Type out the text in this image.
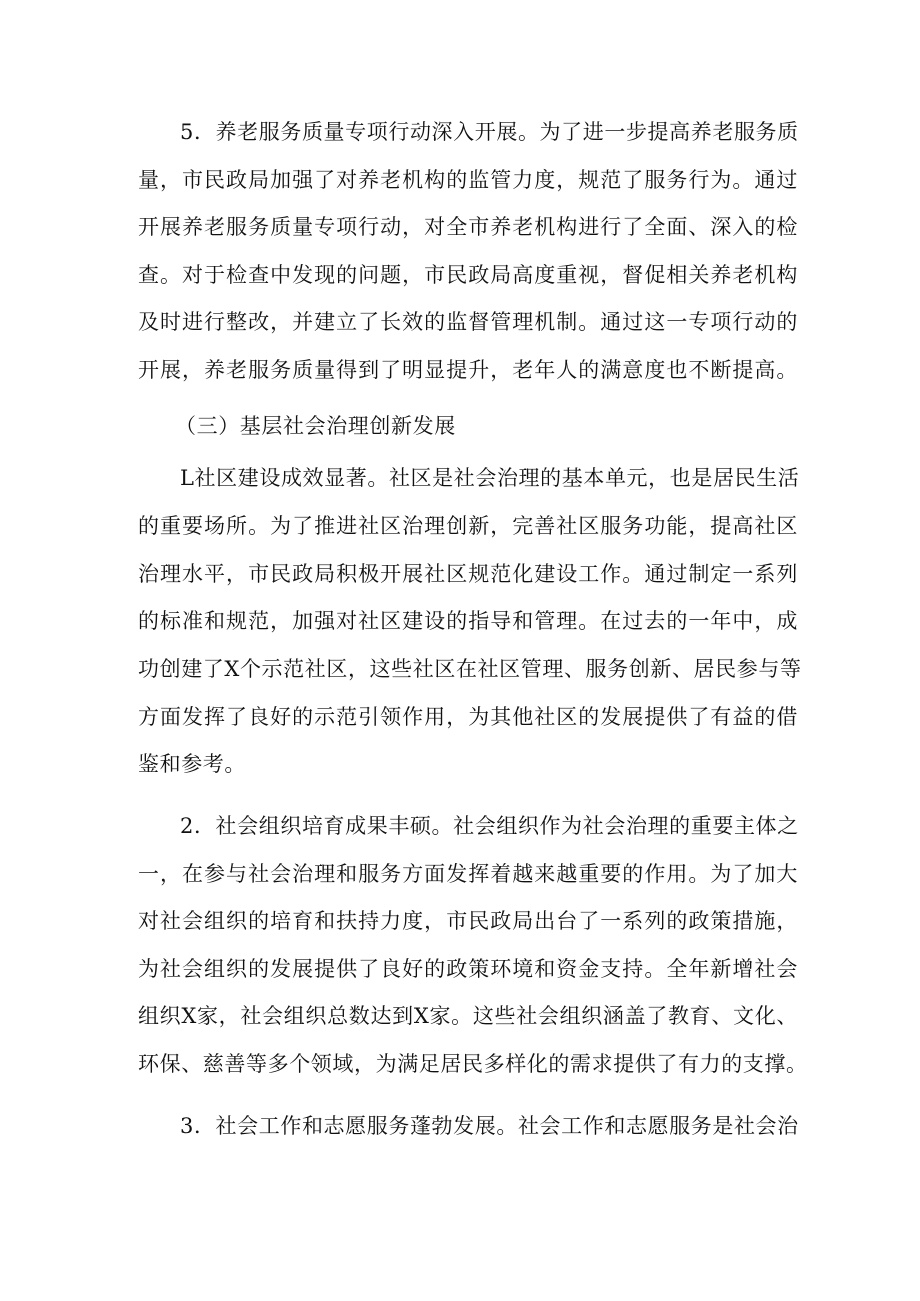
5．养老服务质量专项行动深入开展。为了进一步提高养老服务质
量，市民政局加强了对养老机构的监管力度，规范了服务行为。通过
开展养老服务质量专项行动，对全市养老机构进行了全面、深入的检
查。对于检查中发现的问题，市民政局高度重视，督促相关养老机构
及时进行整改，并建立了长效的监督管理机制。通过这一专项行动的
开展，养老服务质量得到了明显提升，老年人的满意度也不断提高。
（三）基层社会治理创新发展
L社区建设成效显著。社区是社会治理的基本单元，也是居民生活
的重要场所。为了推进社区治理创新，完善社区服务功能，提高社区
治理水平，市民政局积极开展社区规范化建设工作。通过制定一系列
的标准和规范，加强对社区建设的指导和管理。在过去的一年中，成
功创建了X个示范社区，这些社区在社区管理、服务创新、居民参与等
方面发挥了良好的示范引领作用，为其他社区的发展提供了有益的借
鉴和参考。
2．社会组织培育成果丰硕。社会组织作为社会治理的重要主体之
一，在参与社会治理和服务方面发挥着越来越重要的作用。为了加大
对社会组织的培育和扶持力度，市民政局出台了一系列的政策措施，
为社会组织的发展提供了良好的政策环境和资金支持。全年新增社会
组织X家，社会组织总数达到X家。这些社会组织涵盖了教育、文化、
环保、慈善等多个领域，为满足居民多样化的需求提供了有力的支撑。
3．社会工作和志愿服务蓬勃发展。社会工作和志愿服务是社会治
